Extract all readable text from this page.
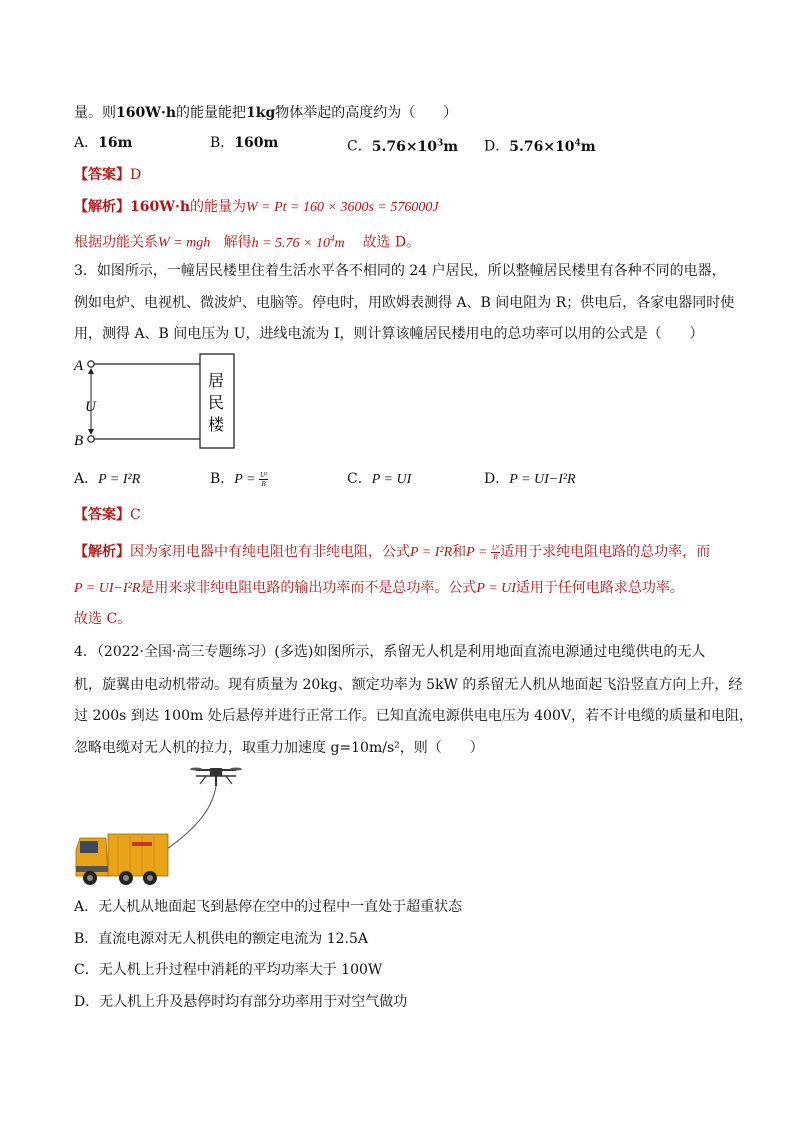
量。则160W·h的能量能把1kg物体举起的高度约为（　　）
A．16m	B．160m	C．$5.76\times 10^3m$ D．$5.76\times 10^4m$
【答案】D
【解析】160W·h的能量为W = Pt = 160 × 3600s = 576000J
根据功能关系W = mgh 解得$h = 5.76 \times 10^4m$ 故选 D。
3．如图所示，一幢居民楼里住着生活水平各不相同的 24 户居民，所以整幢居民楼里有各种不同的电器，
例如电炉、电视机、微波炉、电脑等。停电时，用欧姆表测得 A、B 间电阻为 R；供电后，各家电器同时使
用，测得 A、B 间电压为 U，进线电流为 I，则计算该幢居民楼用电的总功率可以用的公式是（　　）
A
B
U
居
民
楼
A．P = I²R	B．$P = \frac{\text{U²}}{R}$	C．P = UI	D．P = UI−I²R
【答案】C
【解析】因为家用电器中有纯电阻也有非纯电阻，公式P = I²R和$P = \frac{\text{U²}}{R}$ 适用于求纯电阻电路的总功率，而
P = UI−I²R是用来求非纯电阻电路的输出功率而不是总功率。公式P = UI适用于任何电路求总功率。
故选 C。
4．（2022·全国·高三专题练习）(多选)如图所示，系留无人机是利用地面直流电源通过电缆供电的无人
机，旋翼由电动机带动。现有质量为 20kg、额定功率为 5kW 的系留无人机从地面起飞沿竖直方向上升，经
过 200s 到达 100m 处后悬停并进行正常工作。已知直流电源供电电压为 400V，若不计电缆的质量和电阻，
忽略电缆对无人机的拉力，取重力加速度 g=10m/s²，则（　　）
A．无人机从地面起飞到悬停在空中的过程中一直处于超重状态
B．直流电源对无人机供电的额定电流为 12.5A
C．无人机上升过程中消耗的平均功率大于 100W
D．无人机上升及悬停时均有部分功率用于对空气做功
